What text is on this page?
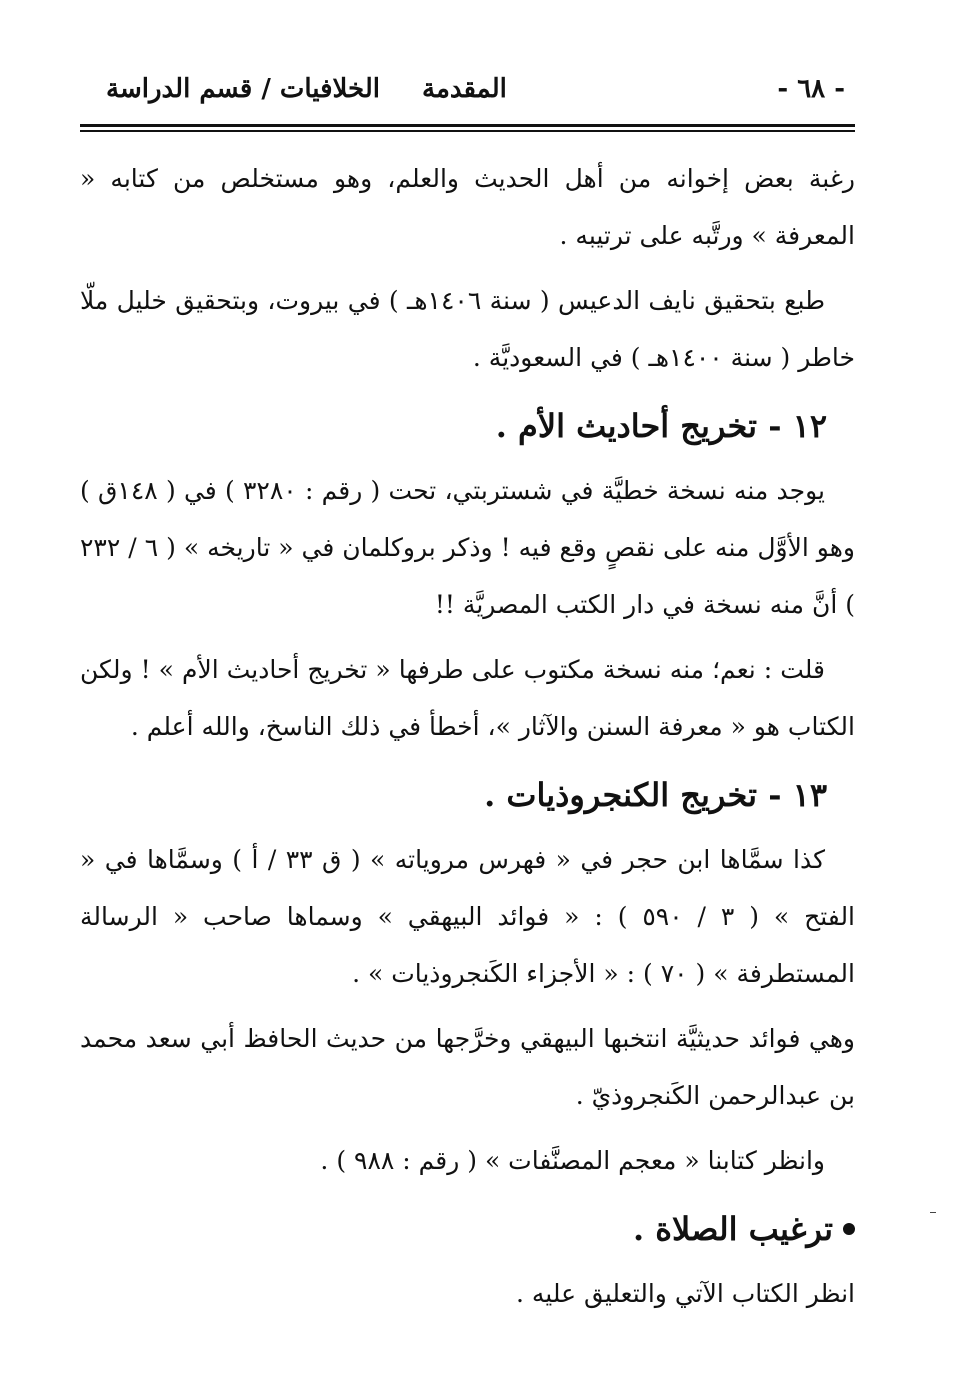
الخلافيات / قسم الدراسة المقدمة	- ٦٨ -

رغبة بعض إخوانه من أهل الحديث والعلم، وهو مستخلص من كتابه « المعرفة » ورتَّبه على ترتيبه .

طبع بتحقيق نايف الدعيس ( سنة ١٤٠٦هـ ) في بيروت، وبتحقيق خليل ملّا خاطر ( سنة ١٤٠٠هـ ) في السعوديَّة .

١٢ - تخريج أحاديث الأم .

يوجد منه نسخة خطيَّة في شستربتي، تحت ( رقم : ٣٢٨٠ ) في ( ١٤٨ق ) وهو الأوَّل منه على نقصٍ وقع فيه ! وذكر بروكلمان في « تاريخه » ( ٦ / ٢٣٢ ) أنَّ منه نسخة في دار الكتب المصريَّة !!

قلت : نعم؛ منه نسخة مكتوب على طرفها « تخريج أحاديث الأم » ! ولكن الكتاب هو « معرفة السنن والآثار »، أخطأ في ذلك الناسخ، والله أعلم .

١٣ - تخريج الكنجروذيات .

كذا سمَّاها ابن حجر في « فهرس مروياته » ( ق ٣٣ / أ ) وسمَّاها في « الفتح » ( ٣ / ٥٩٠ ) : « فوائد البيهقي » وسماها صاحب « الرسالة المستطرفة » ( ٧٠ ) : « الأجزاء الكَنجروذيات » .

وهي فوائد حديثيَّة انتخبها البيهقي وخرَّجها من حديث الحافظ أبي سعد محمد بن عبدالرحمن الكَنجروذيّ .

وانظر كتابنا « معجم المصنَّفات » ( رقم : ٩٨٨ ) .

ترغيب الصلاة .

انظر الكتاب الآتي والتعليق عليه .
